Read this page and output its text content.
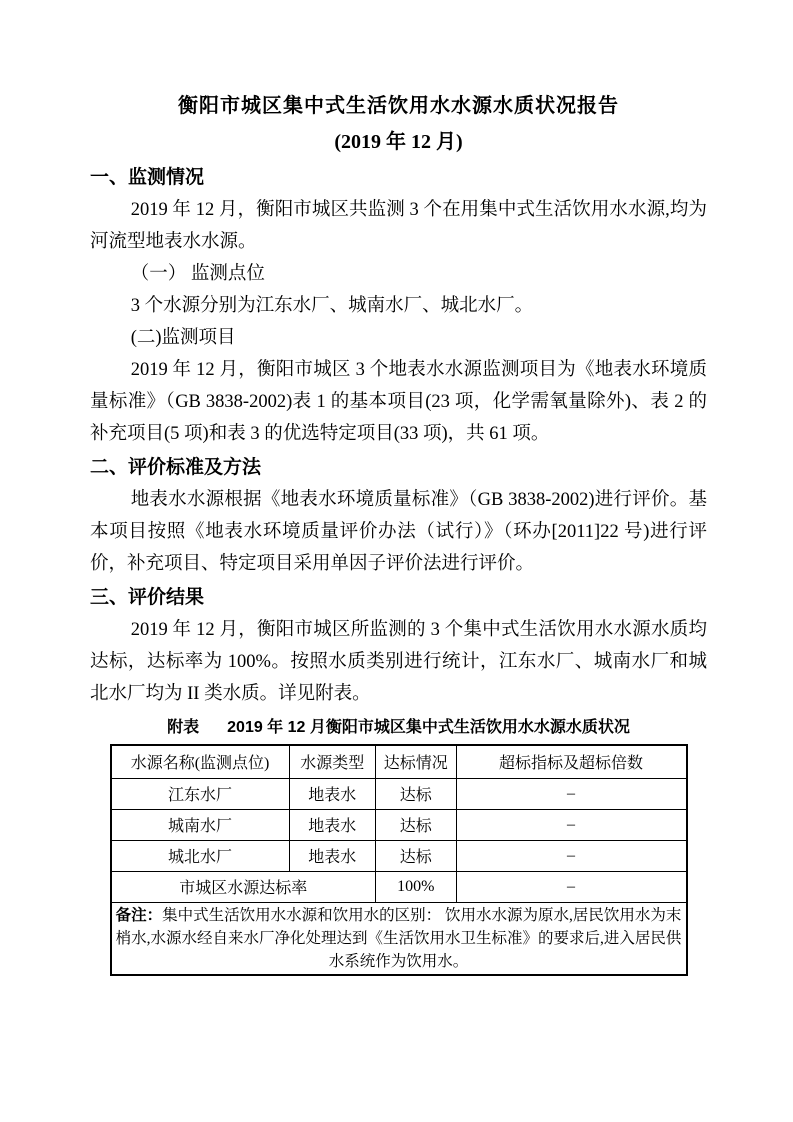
衡阳市城区集中式生活饮用水水源水质状况报告
(2019 年 12 月)
一、监测情况

2019 年 12 月，衡阳市城区共监测 3 个在用集中式生活饮用水水源,均为河流型地表水水源。

（一） 监测点位

3 个水源分别为江东水厂、城南水厂、城北水厂。

(二)监测项目

2019 年 12 月，衡阳市城区 3 个地表水水源监测项目为《地表水环境质量标准》（GB 3838-2002)表 1 的基本项目(23 项，化学需氧量除外)、表 2 的补充项目(5 项)和表 3 的优选特定项目(33 项)，共 61 项。

二、评价标准及方法

地表水水源根据《地表水环境质量标准》（GB 3838-2002)进行评价。基本项目按照《地表水环境质量评价办法（试行）》（环办[2011]22 号)进行评价，补充项目、特定项目采用单因子评价法进行评价。

三、评价结果

2019 年 12 月，衡阳市城区所监测的 3 个集中式生活饮用水水源水质均达标，达标率为 100%。按照水质类别进行统计，江东水厂、城南水厂和城北水厂均为 II 类水质。详见附表。

附表 2019 年 12 月衡阳市城区集中式生活饮用水水源水质状况
水源名称(监测点位)	水源类型	达标情况	超标指标及超标倍数
江东水厂	地表水	达标	–
城南水厂	地表水	达标	–
城北水厂	地表水	达标	–
市城区水源达标率		100%	–
备注：集中式生活饮用水水源和饮用水的区别： 饮用水水源为原水,居民饮用水为末梢水,水源水经自来水厂净化处理达到《生活饮用水卫生标准》的要求后,进入居民供水系统作为饮用水。			
